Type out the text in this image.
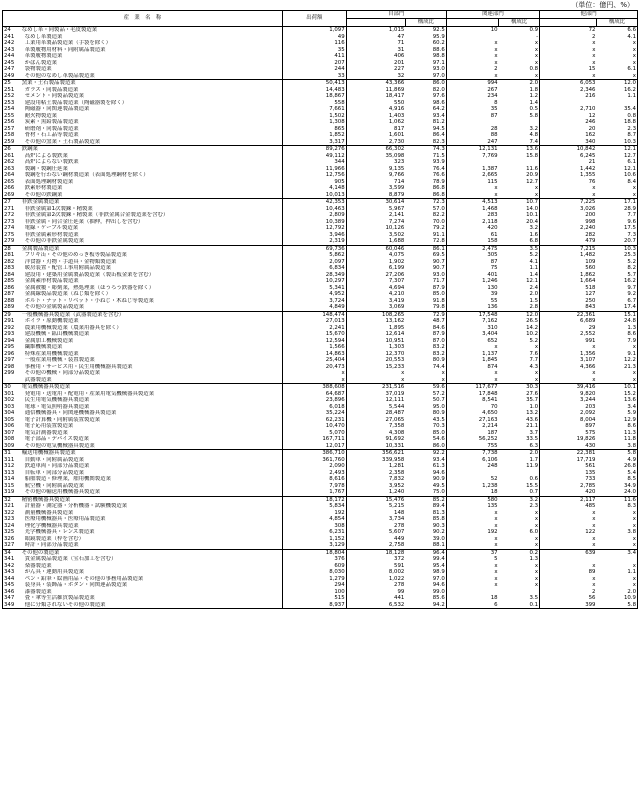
（単位：億円、%）
産　業　名　称		出荷額	自部門		関連部門		他部門	
				構成比		構成比		構成比
24	なめし革・同製品・毛皮製造業	1,097	1,015	92.5	10	0.9	72	6.6
241	なめし革製造業	49	47	95.9		-	2	4.1
242	工業用革製品製造業（手袋を除く）	116	71	60.2	x	x	x	x
243	革製履物用材料・同附属品製造業	35	31	88.6	x	x	x	x
244	革製履物製造業	411	406	98.8	x	x	x	x
245	かばん製造業	207	201	97.1	x	x	x	x
247	袋物製造業	244	227	93.0	2	0.8	15	6.1
249	その他のなめし革製品製造業	33	32	97.0	x	x	x	x
25	窯業・土石製品製造業	50,413	43,366	86.0	994	2.0	6,053	12.0
251	ガラス・同製品製造業	14,483	11,869	82.0	267	1.8	2,346	16.2
252	セメント・同製品製造業	18,867	18,417	97.6	234	1.2	216	1.1
253	建設用粘土製品製造業（陶磁器製を除く）	558	550	98.6	8	1.4		
254	陶磁器・同関連製品製造業	7,661	4,916	64.2	35	0.5	2,710	35.4
255	耐火物製造業	1,502	1,403	93.4	87	5.8	12	0.8
256	炭素・黒鉛製品製造業	1,308	1,062	81.2			246	18.8
257	研磨剤・同製品製造業	865	817	94.5	28	3.2	20	2.3
258	骨材・石工品等製造業	1,852	1,601	86.4	88	4.8	162	8.7
259	その他の窯業・土石製品製造業	3,317	2,730	82.3	247	7.4	340	10.3
26	鉄鋼業	89,276	66,302	74.3	12,131	13.6	10,842	12.1
261	高炉による製鉄業	49,112	35,098	71.5	7,769	15.8	6,245	12.7
262	高炉によらない製鉄業	344	323	93.9			21	6.1
263	製鋼・製鋼圧延業	11,966	9,135	76.4	1,387	11.6	1,442	12.1
264	製鋼を行わない鋼材製造業（表面処理鋼材を除く）	12,756	9,766	76.6	2,665	20.9	1,355	10.6
265	表面処理鋼材製造業	905	714	78.9	115	12.7	76	8.4
266	鉄素形材製造業	4,148	3,599	86.8	x	x	x	x
269	その他の鉄鋼業	10,013	8,879	86.8	x	x	x	x
27	非鉄金属製造業	42,353	30,614	72.3	4,513	10.7	7,225	17.1
271	非鉄金属第1次製錬・精製業	10,463	5,967	57.0	1,468	14.0	3,026	28.9
272	非鉄金属第2次製錬・精製業（非鉄金属合金製造業を含む）	2,809	2,141	82.2	283	10.1	200	7.7
273	非鉄金属・同合金圧延業（抽伸，押出しを含む）	10,389	7,274	70.0	2,118	20.4	998	9.6
274	電線・ケーブル製造業	12,792	10,126	79.2	420	3.2	2,240	17.5
275	非鉄金属素形材製造業	3,946	3,502	91.1	61	1.6	282	7.3
279	その他の非鉄金属製造業	2,319	1,688	72.8	158	6.8	479	20.7
28	金属製品製造業	69,736	60,046	86.1	2,475	3.5	7,215	10.3
281	ブリキ缶・その他のめっき板等製品製造業	5,862	4,075	69.5	305	5.2	1,482	25.3
282	洋食器・刃物・手道具・金物類製造業	2,097	1,902	90.7	87	4.1	109	5.2
283	暖房装置・配管工事用附属品製造業	6,834	6,199	90.7	75	1.1	560	8.2
284	建設用・建築用金属製品製造業（製缶板金業を含む）	28,349	27,206	93.0	401	1.4	1,862	5.7
285	金属素形材製品製造業	10,297	7,307	71.7	1,246	12.1	1,664	16.2
286	金属被覆・彫刻業，熱処理業（ほうろう鉄器を除く）	5,341	4,694	87.9	130	2.4	518	9.7
287	金属線製品製造業（ねじ類を除く）	4,952	4,210	85.0	39	2.0	127	9.2
288	ボルト・ナット・リベット・小ねじ・木ねじ等製造業	3,724	3,419	91.8	55	1.5	250	6.7
289	その他の金属製品製造業	4,849	3,069	79.8	136	2.8	843	17.4
29	一般機械器具製造業（武器製造業を含む）	148,474	108,265	72.9	17,548	12.0	22,361	15.1
291	ボイラ・原動機製造業	27,013	13,162	48.7	7,162	26.5	6,689	24.8
292	農業用機械製造業（農業用器具を除く）	2,241	1,895	84.6	310	14.2	29	1.3
293	建設機械・鉱山機械製造業	15,670	12,614	87.9	3,404	10.2	2,552	8.6
294	金属加工機械製造業	12,594	10,951	87.0	652	5.2	991	7.9
295	繊維機械製造業	1,566	1,303	83.2	x	x	x	x
296	特殊産業用機械製造業	14,863	12,370	83.2	1,137	7.6	1,356	9.1
297	一般産業用機械・装置製造業	25,404	20,553	80.9	1,845	7.7	3,107	12.2
298	事務用・サービス用・民生用機械器具製造業	20,473	15,233	74.4	874	4.3	4,366	21.3
299	その他の機械・同部分品製造業	x	x	x	x	x	x	x
	武器製造業	x	x	x	x	x	x	x
30	電気機械器具製造業	388,608	231,516	59.6	117,677	30.3	39,416	10.1
301	発電用・送電用・配電用・産業用電気機械器具製造業	64,687	37,019	57.2	17,848	27.6	9,820	15.2
302	民生用電気機械器具製造業	23,896	12,111	50.7	8,541	35.7	3,244	13.6
303	電球・電気照明器具製造業	6,018	5,544	95.0	70	1.0	203	3.4
304	通信機械器具・同関連機械器具製造業	35,224	28,487	80.9	4,650	13.2	2,092	5.9
305	電子計算機・同附属装置製造業	62,231	27,065	43.5	27,163	43.6	8,004	12.9
306	電子応用装置製造業	10,470	7,358	70.3	2,214	21.1	897	8.6
307	電気計測器製造業	5,070	4,308	85.0	187	3.7	575	11.3
308	電子部品・デバイス製造業	167,711	91,692	54.6	56,252	33.5	19,826	11.8
309	その他の電気機械器具製造業	12,017	10,331	86.0	755	6.3	430	3.8
31	輸送用機械器具製造業	386,710	356,621	92.2	7,738	2.0	22,381	5.8
311	自動車・同附属品製造業	361,760	339,958	93.4	6,106	1.7	17,719	4.9
312	鉄道車両・同部分品製造業	2,090	1,281	61.3	248	11.9	561	26.8
313	自転車・同部分品製造業	2,493	2,358	94.6			135	5.4
314	船舶製造・修理業，舶用機関製造業	8,616	7,832	90.9	52	0.6	733	8.5
315	航空機・同附属品製造業	7,978	3,952	49.5	1,238	15.5	2,785	34.9
319	その他の輸送用機械器具製造業	1,767	1,240	75.0	18	0.7	420	24.0
32	精密機械器具製造業	18,172	15,476	85.2	580	3.2	2,117	11.6
321	計量器・測定器・分析機器・試験機製造業	5,834	5,215	89.4	135	2.3	485	8.3
322	測量機械器具製造業	192	148	81.3	x	x	x	x
323	医療用機械器具・医療用品製造業	4,854	3,734	85.8	x	x	x	x
324	理化学機械器具製造業	308	278	90.3	x	x	x	x
325	光学機械器具・レンズ製造業	6,231	5,607	90.2	192	6.0	122	3.8
326	眼鏡製造業（枠を含む）	1,152	449	39.0	x	x	x	x
327	時計・同部分品製造業	3,129	2,758	88.1	x	x	x	x
34	その他の製造業	18,804	18,128	96.4	37	0.2	639	3.4
341	貴金属製品製造業（宝石加工を含む）	376	372	99.4	5	1.3		
342	楽器製造業	609	591	95.4	x	x	x	x
343	がん具・運動用具製造業	8,030	8,002	98.9	x	x	89	1.1
344	ペン・鉛筆・絵画用品・その他の事務用品製造業	1,279	1,022	97.0	x	x	x	x
345	装身具・装飾品・ボタン・同関連品製造業	294	278	94.6	x	x	x	x
346	漆器製造業	100	99	99.0			2	2.0
347	畳・傘等生活雑貨製品製造業	515	441	85.6	18	3.5	56	10.9
349	他に分類されないその他の製造業	8,937	6,532	94.2	6	0.1	399	5.8
